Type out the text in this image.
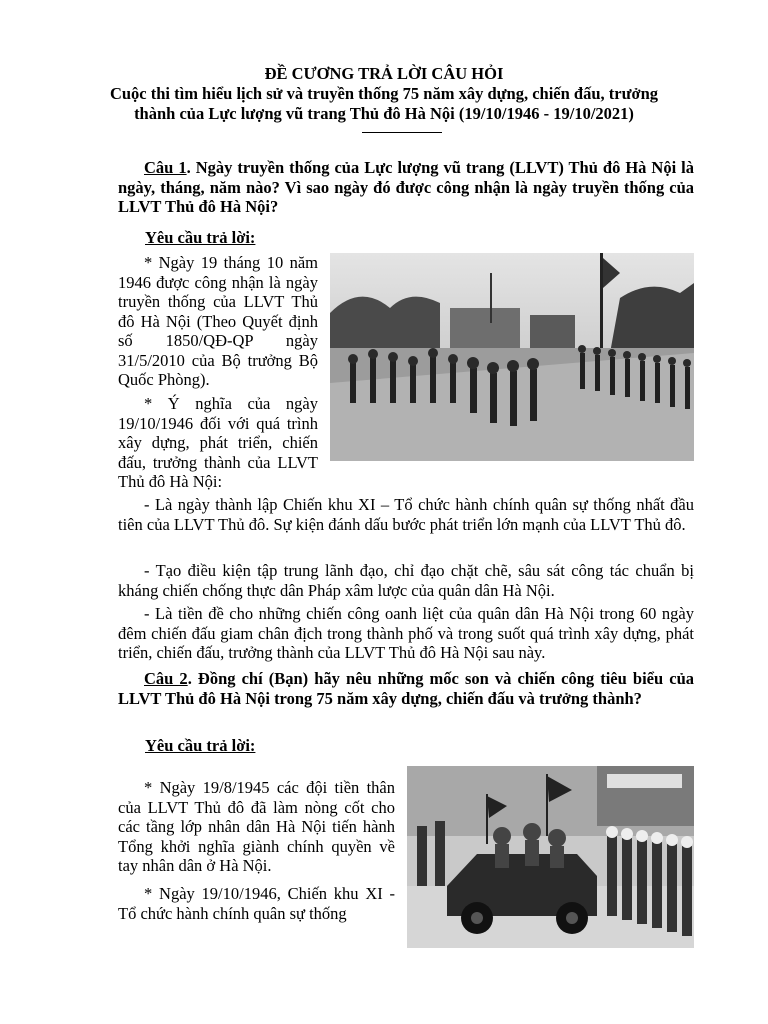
ĐỀ CƯƠNG TRẢ LỜI CÂU HỎI
Cuộc thi tìm hiểu lịch sử và truyền thống 75 năm xây dựng, chiến đấu, trưởng
thành của Lực lượng vũ trang Thủ đô Hà Nội (19/10/1946 - 19/10/2021)
Câu 1. Ngày truyền thống của Lực lượng vũ trang (LLVT) Thủ đô Hà Nội là ngày, tháng, năm nào? Vì sao ngày đó được công nhận là ngày truyền thống của LLVT Thủ đô Hà Nội?
Yêu cầu trả lời:
* Ngày 19 tháng 10 năm 1946 được công nhận là ngày truyền thống của LLVT Thủ đô Hà Nội (Theo Quyết định số 1850/QĐ-QP ngày 31/5/2010 của Bộ trưởng Bộ Quốc Phòng).
* Ý nghĩa của ngày 19/10/1946 đối với quá trình xây dựng, phát triển, chiến đấu, trưởng thành của LLVT Thủ đô Hà Nội:
- Là ngày thành lập Chiến khu XI – Tổ chức hành chính quân sự thống nhất đầu tiên của LLVT Thủ đô. Sự kiện đánh dấu bước phát triển lớn mạnh của LLVT Thủ đô.
- Tạo điều kiện tập trung lãnh đạo, chỉ đạo chặt chẽ, sâu sát công tác chuẩn bị kháng chiến chống thực dân Pháp xâm lược của quân dân Hà Nội.
- Là tiền đề cho những chiến công oanh liệt của quân dân Hà Nội trong 60 ngày đêm chiến đấu giam chân địch trong thành phố và trong suốt quá trình xây dựng, phát triển, chiến đấu, trưởng thành của LLVT Thủ đô Hà Nội sau này.
Câu 2. Đồng chí (Bạn) hãy nêu những mốc son và chiến công tiêu biểu của LLVT Thủ đô Hà Nội trong 75 năm xây dựng, chiến đấu và trưởng thành?
Yêu cầu trả lời:
* Ngày 19/8/1945 các đội tiền thân của LLVT Thủ đô đã làm nòng cốt cho các tầng lớp nhân dân Hà Nội tiến hành Tổng khởi nghĩa giành chính quyền về tay nhân dân ở Hà Nội.
* Ngày 19/10/1946, Chiến khu XI - Tổ chức hành chính quân sự thống
